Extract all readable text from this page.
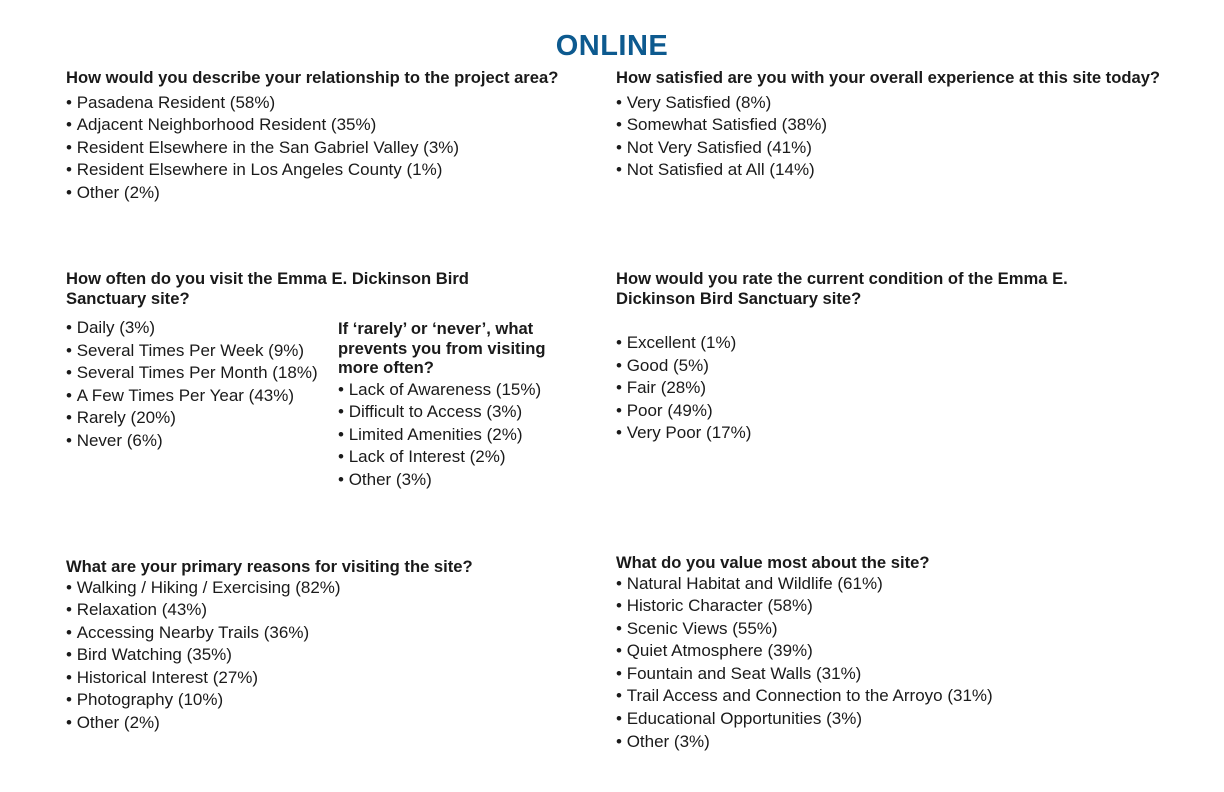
ONLINE

How would you describe your relationship to the project area?

• Pasadena Resident (58%)
• Adjacent Neighborhood Resident (35%)
• Resident Elsewhere in the San Gabriel Valley (3%)
• Resident Elsewhere in Los Angeles County (1%)
• Other (2%)

How satisfied are you with your overall experience at this site today?

• Very Satisfied (8%)
• Somewhat Satisfied (38%)
• Not Very Satisfied (41%)
• Not Satisfied at All (14%)

How often do you visit the Emma E. Dickinson Bird Sanctuary site?

• Daily (3%)
• Several Times Per Week (9%)
• Several Times Per Month (18%)
• A Few Times Per Year (43%)
• Rarely (20%)
• Never (6%)

If ‘rarely’ or ‘never’, what prevents you from visiting more often?

• Lack of Awareness (15%)
• Difficult to Access (3%)
• Limited Amenities (2%)
• Lack of Interest (2%)
• Other (3%)

How would you rate the current condition of the Emma E. Dickinson Bird Sanctuary site?

• Excellent (1%)
• Good (5%)
• Fair (28%)
• Poor (49%)
• Very Poor (17%)

What are your primary reasons for visiting the site?

• Walking / Hiking / Exercising (82%)
• Relaxation (43%)
• Accessing Nearby Trails (36%)
• Bird Watching (35%)
• Historical Interest (27%)
• Photography (10%)
• Other (2%)

What do you value most about the site?

• Natural Habitat and Wildlife (61%)
• Historic Character (58%)
• Scenic Views (55%)
• Quiet Atmosphere (39%)
• Fountain and Seat Walls (31%)
• Trail Access and Connection to the Arroyo (31%)
• Educational Opportunities (3%)
• Other (3%)
